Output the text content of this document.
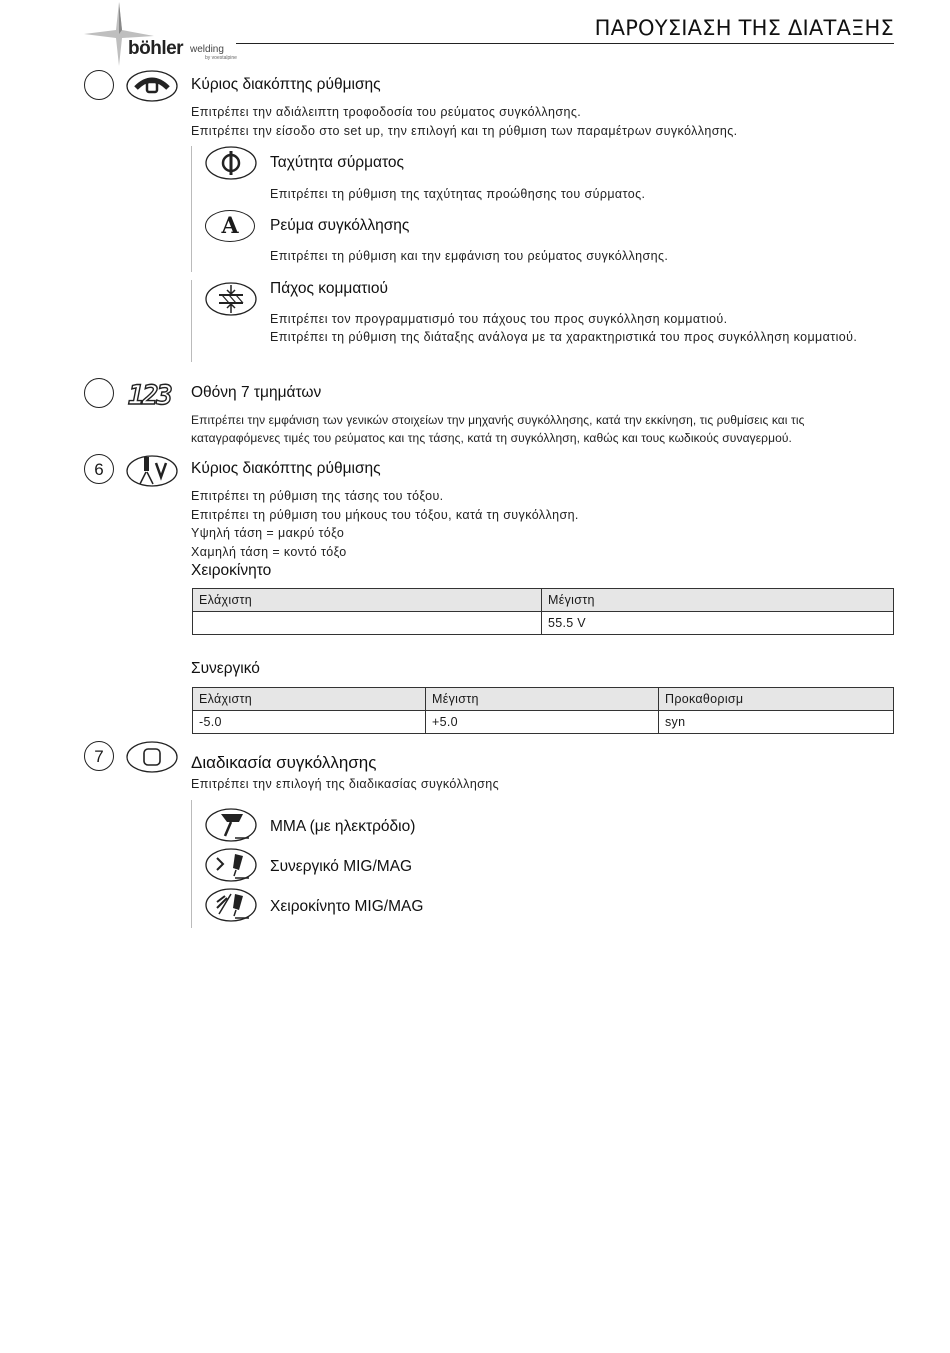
böhler welding
by voestalpine
ΠΑΡΟΥΣΙΑΣΗ ΤΗΣ ΔΙΑΤΑΞΗΣ
Κύριος διακόπτης ρύθμισης
Επιτρέπει την αδιάλειπτη τροφοδοσία του ρεύματος συγκόλλησης.
Επιτρέπει την είσοδο στο set up, την επιλογή και τη ρύθμιση των παραμέτρων συγκόλλησης.
Ταχύτητα σύρματος
Επιτρέπει τη ρύθμιση της ταχύτητας προώθησης του σύρματος.
A	Ρεύμα συγκόλλησης
Επιτρέπει τη ρύθμιση και την εμφάνιση του ρεύματος συγκόλλησης.
Πάχος κομματιού
Επιτρέπει τον προγραμματισμό του πάχους του προς συγκόλληση κομματιού.
Επιτρέπει τη ρύθμιση της διάταξης ανάλογα με τα χαρακτηριστικά του προς συγκόλληση κομματιού.
123 Οθόνη 7 τμημάτων
Επιτρέπει την εμφάνιση των γενικών στοιχείων την μηχανής συγκόλλησης, κατά την εκκίνηση, τις ρυθμίσεις και τις καταγραφόμενες τιμές του ρεύματος και της τάσης, κατά τη συγκόλληση, καθώς και τους κωδικούς συναγερμού.
6	Κύριος διακόπτης ρύθμισης
Επιτρέπει τη ρύθμιση της τάσης του τόξου.
Επιτρέπει τη ρύθμιση του μήκους του τόξου, κατά τη συγκόλληση.
Υψηλή τάση = μακρύ τόξο
Χαμηλή τάση = κοντό τόξο
Χειροκίνητο
Ελάχιστη	Μέγιστη
	55.5 V
Συνεργικό
Ελάχιστη	Μέγιστη	Προκαθορισμ
-5.0	+5.0	syn
7	Διαδικασία συγκόλλησης
Επιτρέπει την επιλογή της διαδικασίας συγκόλλησης
MMA (με ηλεκτρόδιο)
Συνεργικό MIG/MAG
Χειροκίνητο MIG/MAG
